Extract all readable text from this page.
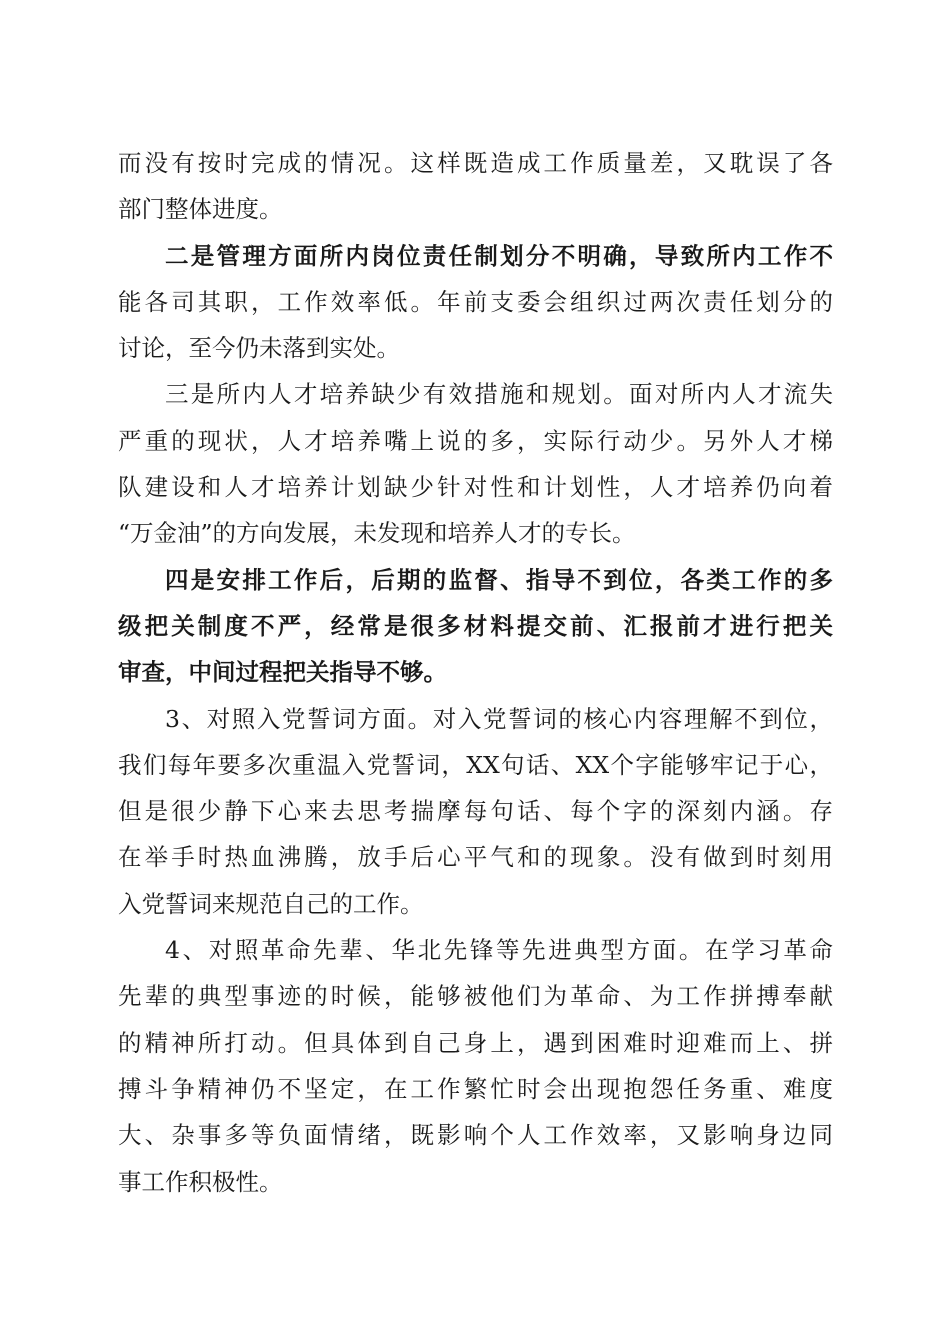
而没有按时完成的情况。这样既造成工作质量差，又耽误了各
部门整体进度。
二是管理方面所内岗位责任制划分不明确，导致所内工作不
能各司其职，工作效率低。年前支委会组织过两次责任划分的
讨论，至今仍未落到实处。
三是所内人才培养缺少有效措施和规划。面对所内人才流失
严重的现状，人才培养嘴上说的多，实际行动少。另外人才梯
队建设和人才培养计划缺少针对性和计划性，人才培养仍向着
“万金油”的方向发展，未发现和培养人才的专长。
四是安排工作后，后期的监督、指导不到位，各类工作的多
级把关制度不严，经常是很多材料提交前、汇报前才进行把关
审查，中间过程把关指导不够。
3、对照入党誓词方面。对入党誓词的核心内容理解不到位，
我们每年要多次重温入党誓词，XX句话、XX个字能够牢记于心，
但是很少静下心来去思考揣摩每句话、每个字的深刻内涵。存
在举手时热血沸腾，放手后心平气和的现象。没有做到时刻用
入党誓词来规范自己的工作。
4、对照革命先辈、华北先锋等先进典型方面。在学习革命
先辈的典型事迹的时候，能够被他们为革命、为工作拼搏奉献
的精神所打动。但具体到自己身上，遇到困难时迎难而上、拼
搏斗争精神仍不坚定，在工作繁忙时会出现抱怨任务重、难度
大、杂事多等负面情绪，既影响个人工作效率，又影响身边同
事工作积极性。
